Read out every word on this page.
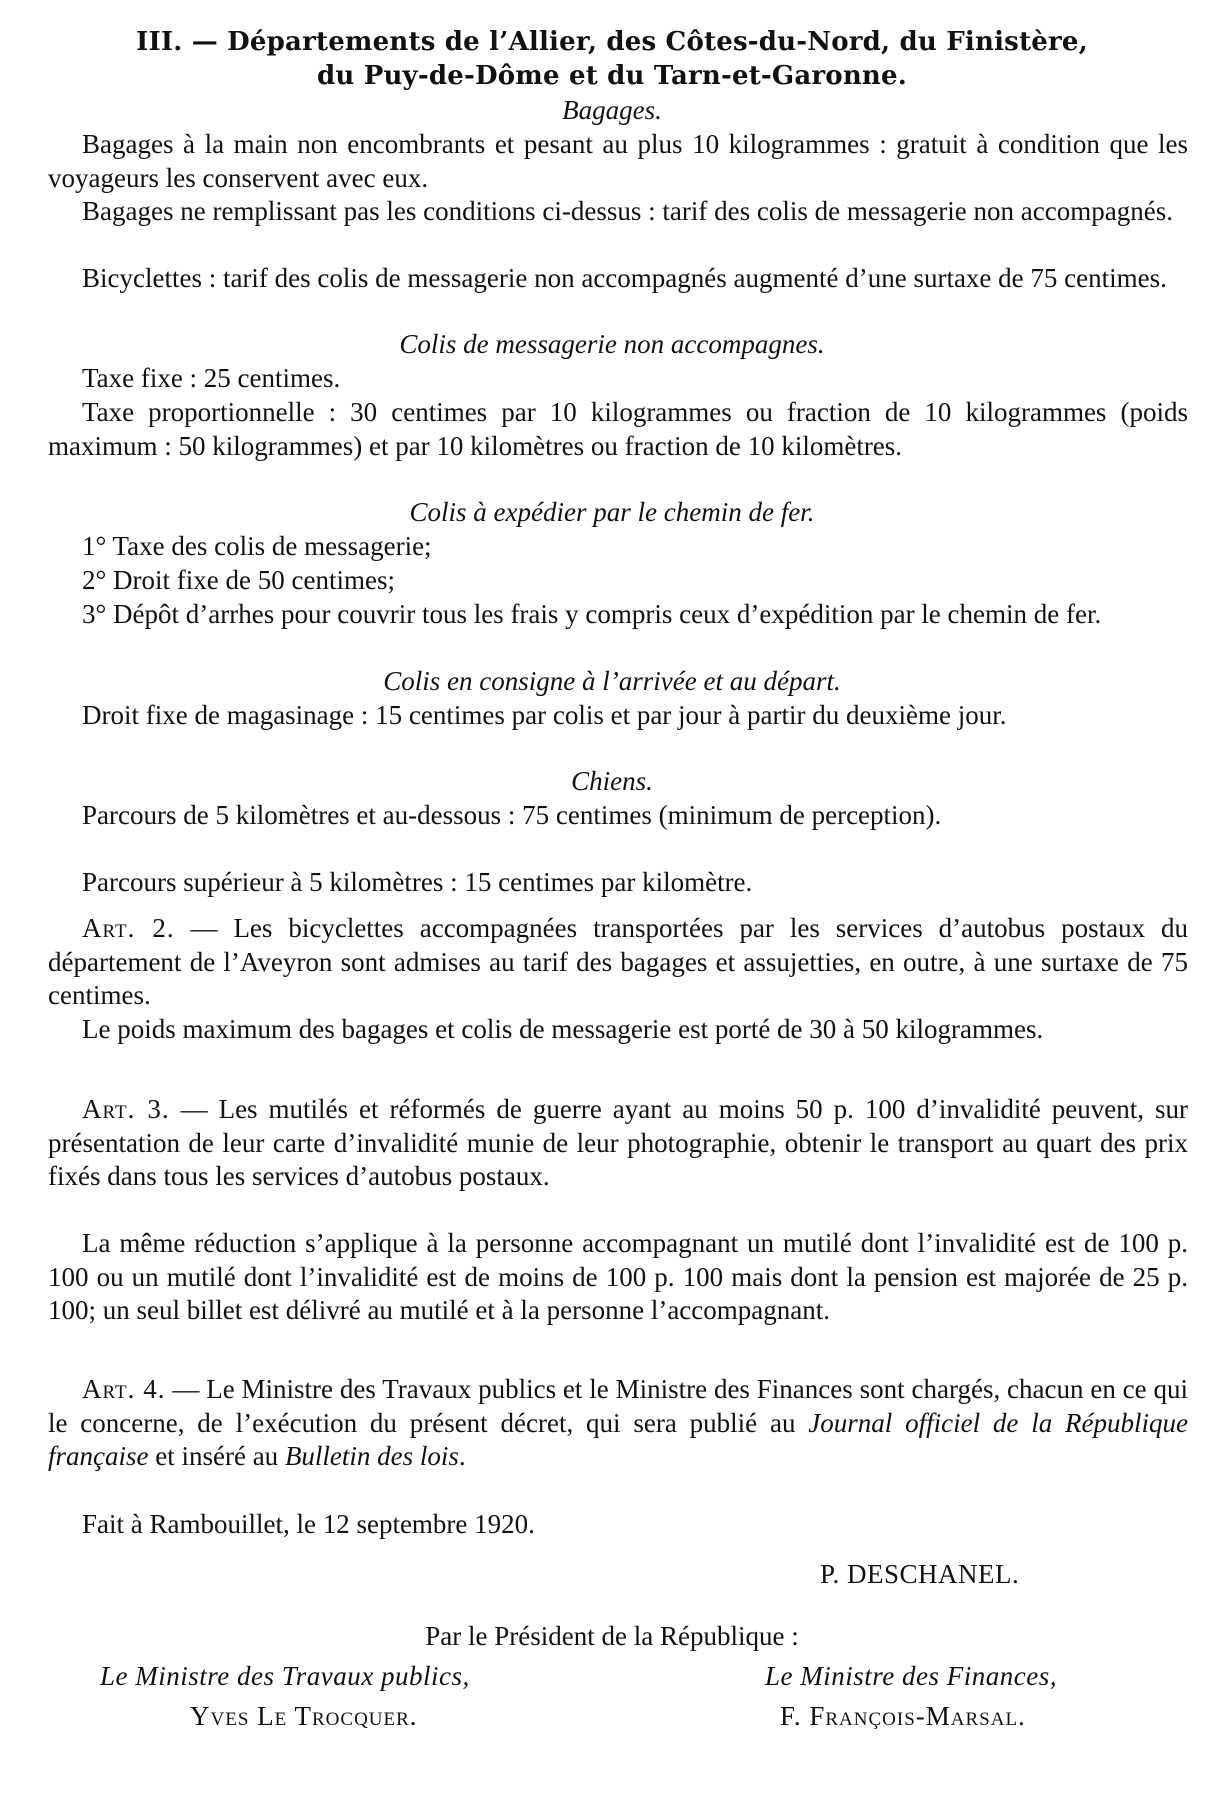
III. — Départements de l’Allier, des Côtes-du-Nord, du Finistère,
du Puy-de-Dôme et du Tarn-et-Garonne.
Bagages.
Bagages à la main non encombrants et pesant au plus 10 kilogrammes : gratuit à condition que les voyageurs les conservent avec eux.
Bagages ne remplissant pas les conditions ci-dessus : tarif des colis de messagerie non accompagnés.
Bicyclettes : tarif des colis de messagerie non accompagnés augmenté d’une surtaxe de 75 centimes.
Colis de messagerie non accompagnes.
Taxe fixe : 25 centimes.
Taxe proportionnelle : 30 centimes par 10 kilogrammes ou fraction de 10 kilogrammes (poids maximum : 50 kilogrammes) et par 10 kilomètres ou fraction de 10 kilomètres.
Colis à expédier par le chemin de fer.
1° Taxe des colis de messagerie;
2° Droit fixe de 50 centimes;
3° Dépôt d’arrhes pour couvrir tous les frais y compris ceux d’expédition par le chemin de fer.
Colis en consigne à l’arrivée et au départ.
Droit fixe de magasinage : 15 centimes par colis et par jour à partir du deuxième jour.
Chiens.
Parcours de 5 kilomètres et au-dessous : 75 centimes (minimum de perception).
Parcours supérieur à 5 kilomètres : 15 centimes par kilomètre.
Art. 2. — Les bicyclettes accompagnées transportées par les services d’autobus postaux du département de l’Aveyron sont admises au tarif des bagages et assujetties, en outre, à une surtaxe de 75 centimes.
Le poids maximum des bagages et colis de messagerie est porté de 30 à 50 kilogrammes.
Art. 3. — Les mutilés et réformés de guerre ayant au moins 50 p. 100 d’invalidité peuvent, sur présentation de leur carte d’invalidité munie de leur photographie, obtenir le transport au quart des prix fixés dans tous les services d’autobus postaux.
La même réduction s’applique à la personne accompagnant un mutilé dont l’invalidité est de 100 p. 100 ou un mutilé dont l’invalidité est de moins de 100 p. 100 mais dont la pension est majorée de 25 p. 100; un seul billet est délivré au mutilé et à la personne l’accompagnant.
Art. 4. — Le Ministre des Travaux publics et le Ministre des Finances sont chargés, chacun en ce qui le concerne, de l’exécution du présent décret, qui sera publié au Journal officiel de la République française et inséré au Bulletin des lois.
Fait à Rambouillet, le 12 septembre 1920.
P. DESCHANEL.
Par le Président de la République :
Le Ministre des Travaux publics,	Le Ministre des Finances,
Yves Le Trocquer.	F. François-Marsal.
